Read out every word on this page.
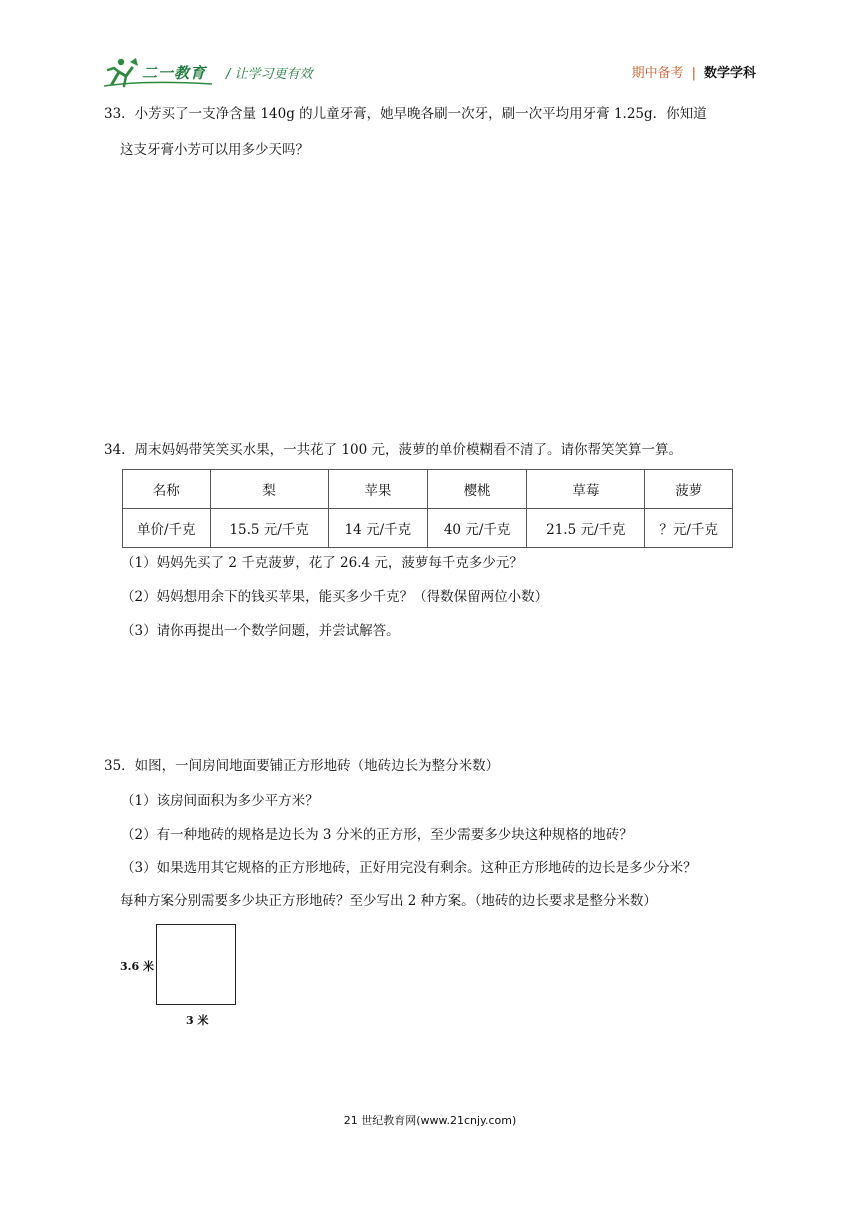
二一教育 / 让学习更有效	期中备考 | 数学学科
33．小芳买了一支净含量 140g 的儿童牙膏，她早晚各刷一次牙，刷一次平均用牙膏 1.25g．你知道
这支牙膏小芳可以用多少天吗？
34．周末妈妈带笑笑买水果，一共花了 100 元，菠萝的单价模糊看不清了。请你帮笑笑算一算。
名称	梨	苹果	樱桃	草莓	菠萝
单价/千克	15.5 元/千克	14 元/千克	40 元/千克	21.5 元/千克	？元/千克
（1）妈妈先买了 2 千克菠萝，花了 26.4 元，菠萝每千克多少元？
（2）妈妈想用余下的钱买苹果，能买多少千克？（得数保留两位小数）
（3）请你再提出一个数学问题，并尝试解答。
35．如图，一间房间地面要铺正方形地砖（地砖边长为整分米数）
（1）该房间面积为多少平方米？
（2）有一种地砖的规格是边长为 3 分米的正方形，至少需要多少块这种规格的地砖？
（3）如果选用其它规格的正方形地砖，正好用完没有剩余。这种正方形地砖的边长是多少分米？
每种方案分别需要多少块正方形地砖？至少写出 2 种方案。（地砖的边长要求是整分米数）
3.6 米
3 米
21 世纪教育网(www.21cnjy.com)
